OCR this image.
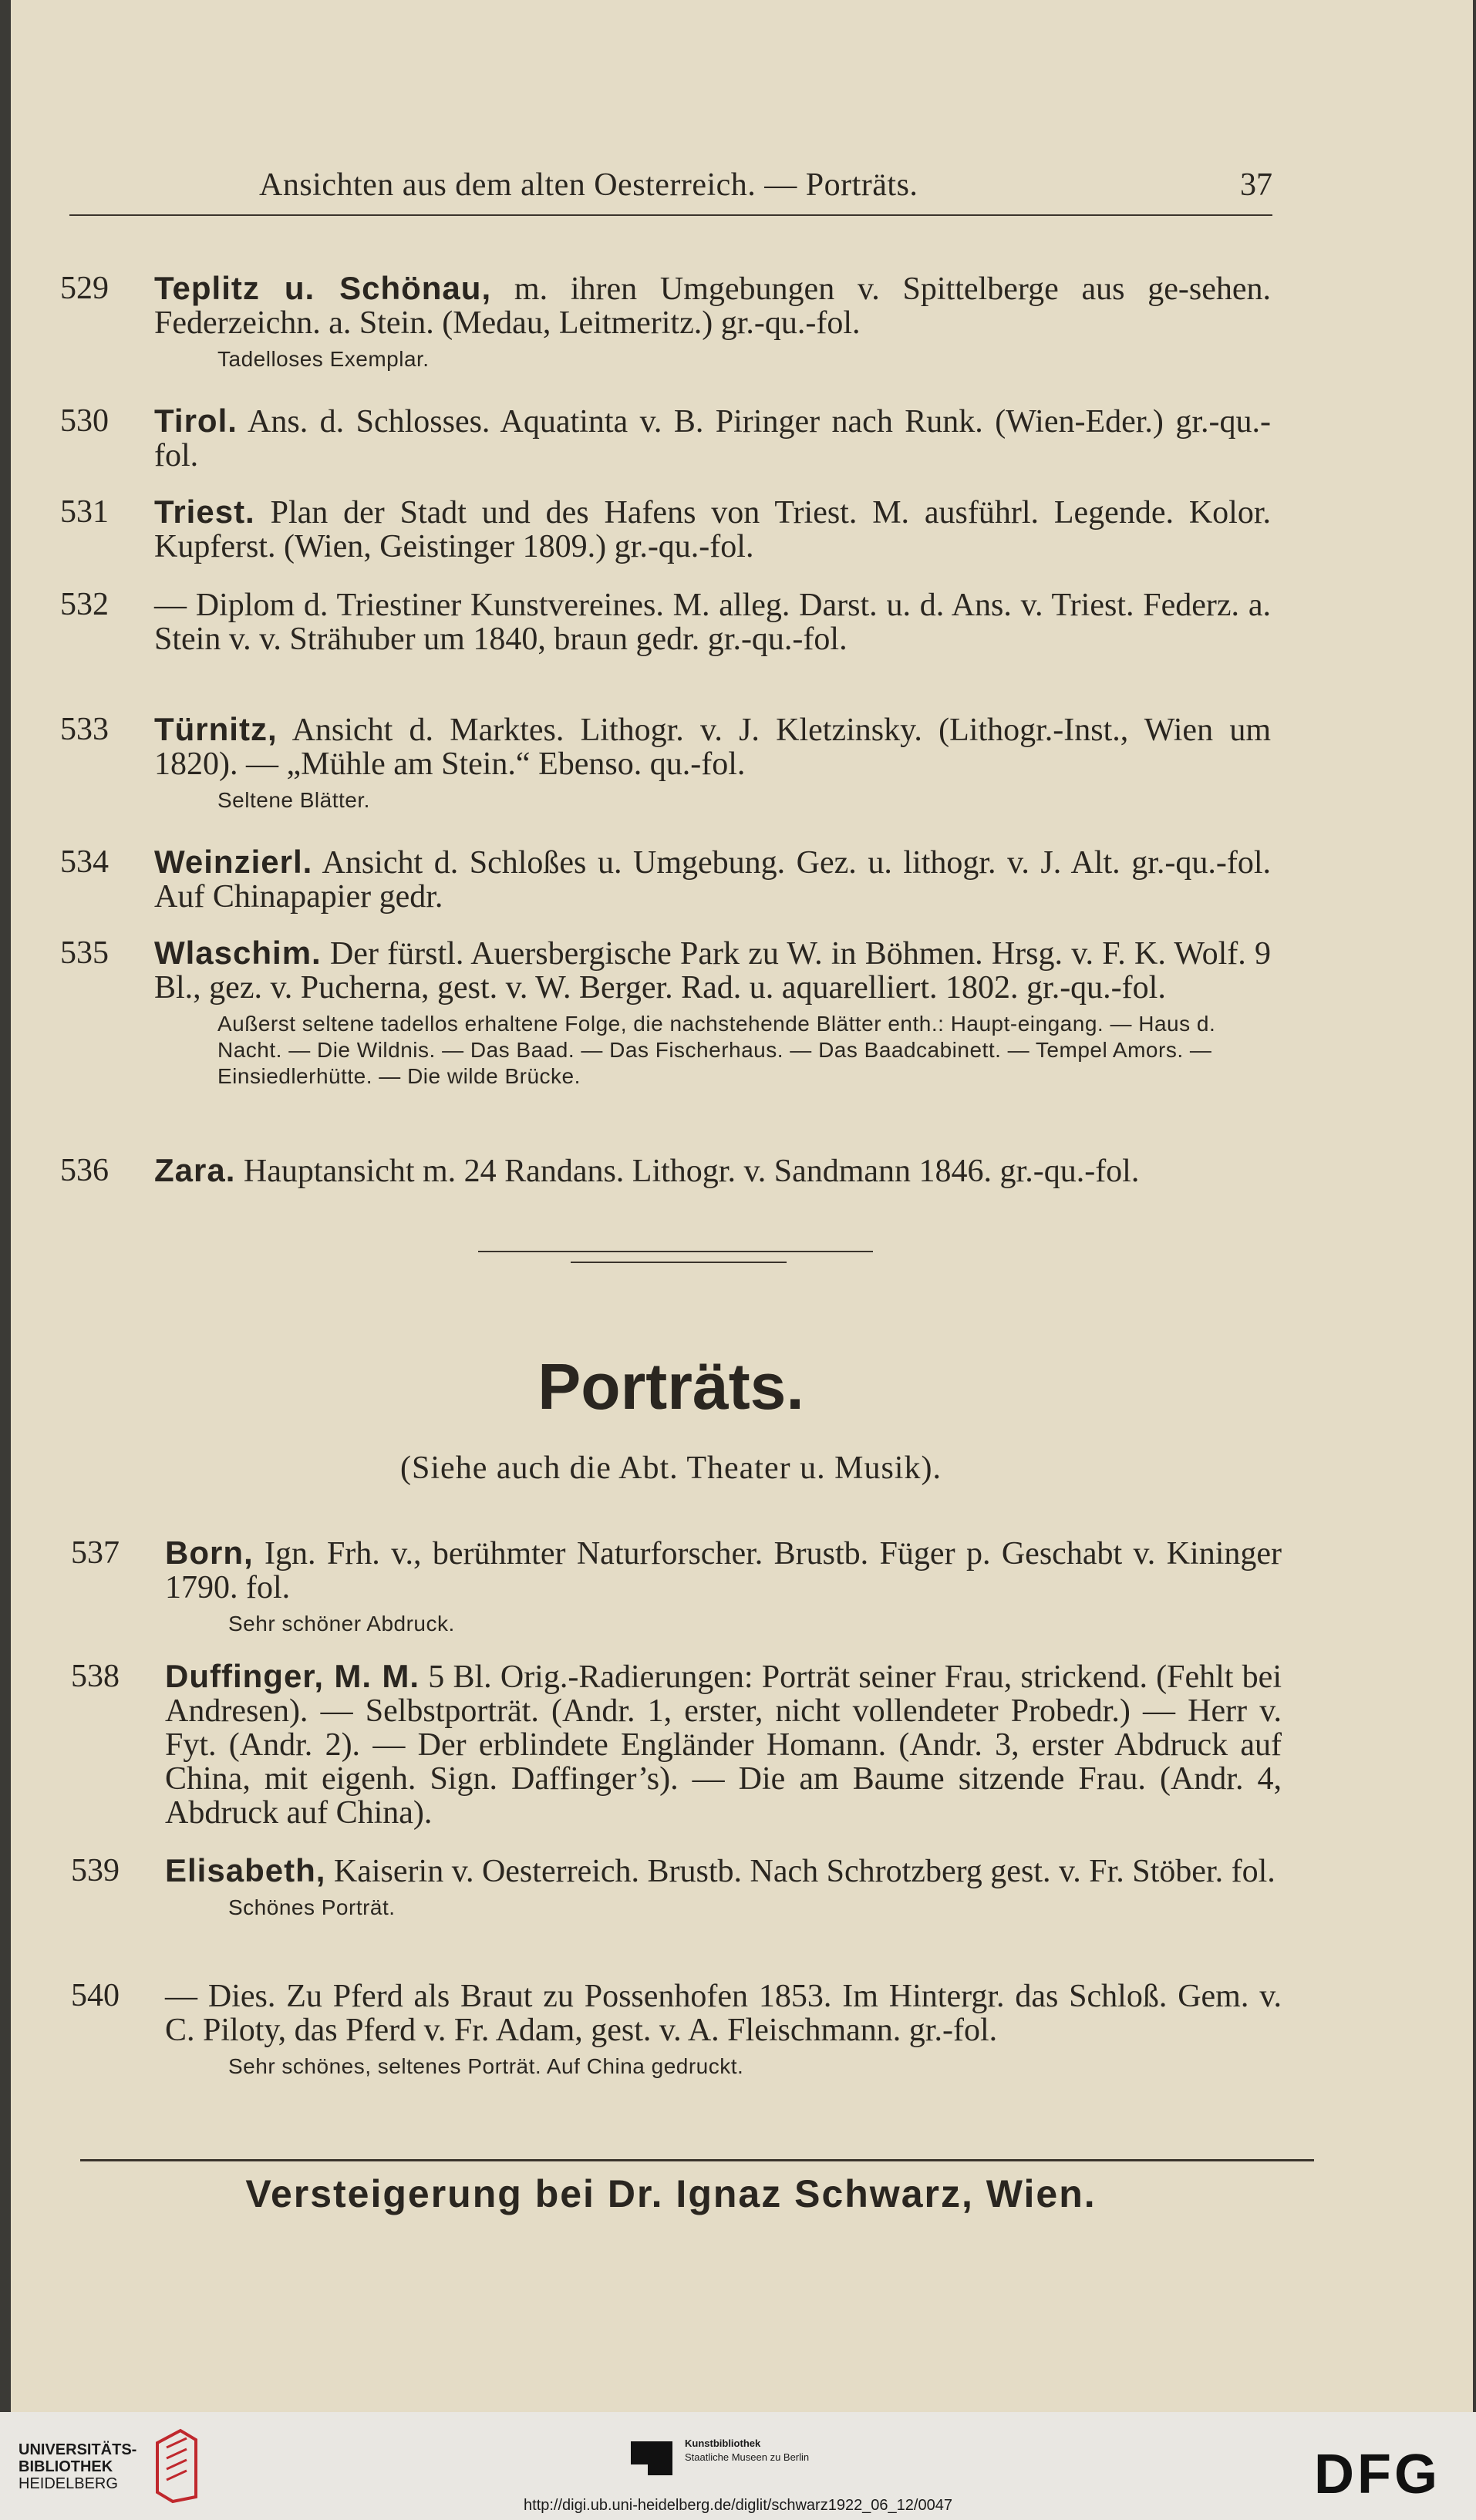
Ansichten aus dem alten Oesterreich. — Porträts.	37
529	Teplitz u. Schönau, m. ihren Umgebungen v. Spittelberge aus ge-sehen. Federzeichn. a. Stein. (Medau, Leitmeritz.) gr.-qu.-fol.
Tadelloses Exemplar.
530	Tirol. Ans. d. Schlosses. Aquatinta v. B. Piringer nach Runk. (Wien-Eder.) gr.-qu.-fol.
531	Triest. Plan der Stadt und des Hafens von Triest. M. ausführl. Legende. Kolor. Kupferst. (Wien, Geistinger 1809.) gr.-qu.-fol.
532	— Diplom d. Triestiner Kunstvereines. M. alleg. Darst. u. d. Ans. v. Triest. Federz. a. Stein v. v. Strähuber um 1840, braun gedr. gr.-qu.-fol.
533	Türnitz, Ansicht d. Marktes. Lithogr. v. J. Kletzinsky. (Lithogr.-Inst., Wien um 1820). — „Mühle am Stein.“ Ebenso. qu.-fol.
Seltene Blätter.
534	Weinzierl. Ansicht d. Schloßes u. Umgebung. Gez. u. lithogr. v. J. Alt. gr.-qu.-fol. Auf Chinapapier gedr.
535	Wlaschim. Der fürstl. Auersbergische Park zu W. in Böhmen. Hrsg. v. F. K. Wolf. 9 Bl., gez. v. Pucherna, gest. v. W. Berger. Rad. u. aquarelliert. 1802. gr.-qu.-fol.
Außerst seltene tadellos erhaltene Folge, die nachstehende Blätter enth.: Haupt-eingang. — Haus d. Nacht. — Die Wildnis. — Das Baad. — Das Fischerhaus. — Das Baadcabinett. — Tempel Amors. — Einsiedlerhütte. — Die wilde Brücke.
536	Zara. Hauptansicht m. 24 Randans. Lithogr. v. Sandmann 1846. gr.-qu.-fol.
Porträts.
(Siehe auch die Abt. Theater u. Musik).
537	Born, Ign. Frh. v., berühmter Naturforscher. Brustb. Füger p. Geschabt v. Kininger 1790. fol.
Sehr schöner Abdruck.
538	Duffinger, M. M. 5 Bl. Orig.-Radierungen: Porträt seiner Frau, strickend. (Fehlt bei Andresen). — Selbstporträt. (Andr. 1, erster, nicht vollendeter Probedr.) — Herr v. Fyt. (Andr. 2). — Der erblindete Engländer Homann. (Andr. 3, erster Abdruck auf China, mit eigenh. Sign. Daffinger’s). — Die am Baume sitzende Frau. (Andr. 4, Abdruck auf China).
539	Elisabeth, Kaiserin v. Oesterreich. Brustb. Nach Schrotzberg gest. v. Fr. Stöber. fol.
Schönes Porträt.
540	— Dies. Zu Pferd als Braut zu Possenhofen 1853. Im Hintergr. das Schloß. Gem. v. C. Piloty, das Pferd v. Fr. Adam, gest. v. A. Fleischmann. gr.-fol.
Sehr schönes, seltenes Porträt. Auf China gedruckt.
Versteigerung bei Dr. Ignaz Schwarz, Wien.
UNIVERSITÄTS-
BIBLIOTHEK
HEIDELBERG
Kunstbibliothek
Staatliche Museen zu Berlin	DFG
http://digi.ub.uni-heidelberg.de/diglit/schwarz1922_06_12/0047
